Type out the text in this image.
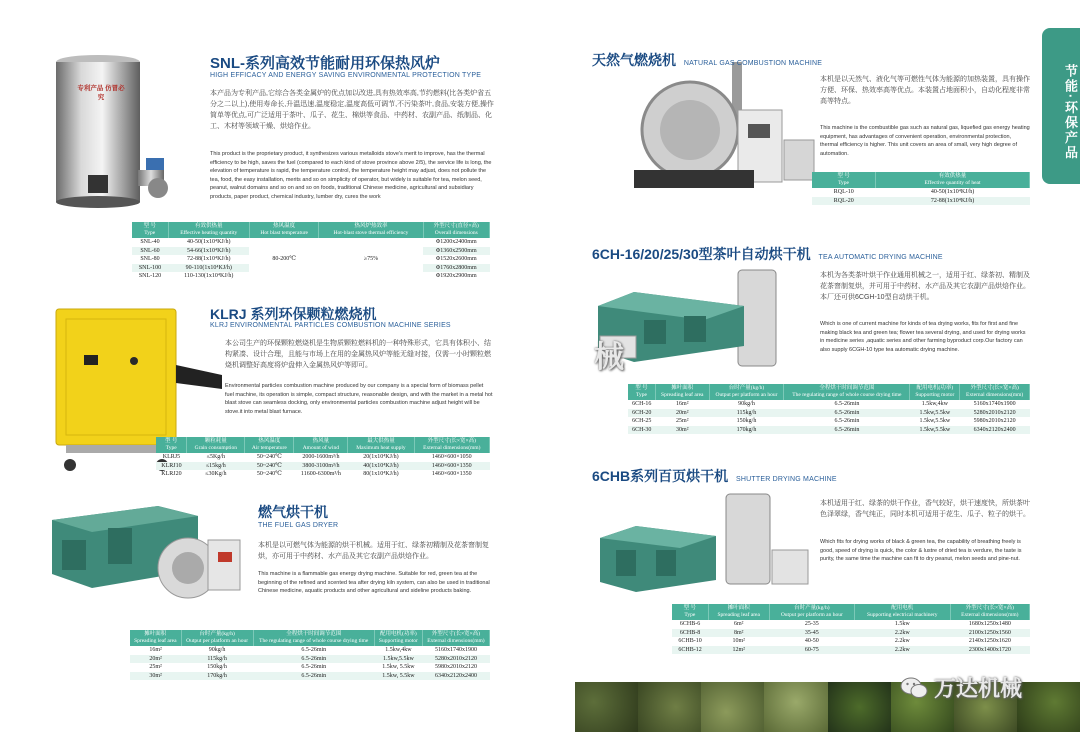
专利产品 仿冒必究
SNL-系列高效节能耐用环保热风炉
HIGH EFFICACY AND ENERGY SAVING ENVIRONMENTAL PROTECTION TYPE
本产品为专利产品,它综合各类金属炉的优点加以改进,具有热效率高,节约燃料(比各类炉省五分之二以上),使用寿命长,升温迅速,温度稳定,温度高低可调节,不污染茶叶,食品,安装方便,操作简单等优点,可广泛适用于茶叶、瓜子、花生、棉烘等食品、中药材、农副产品、纸制品、化工、木材等领域干燥、烘焙作业。
This product is the proprietary product, it synthesizes various metalloids stove's merit to improve, has the thermal efficiency to be high, saves the fuel (compared to each kind of stove province above 2/5), the service life is long, the elevation of temperature is rapid, the temperature control, the temperature height may adjust, does not pollute the tea, food, the easy installation, merits and so on simplicity of operator, but widely is suitable for tea, melon seed, peanut, walnut domains and so on and so on foods, traditional Chinese medicine, agricultural and subsidiary products, paper product, chemical industry, lumber dry, cures the work
型 号
Type	有效供热量
Effective heating quantity	热风温度
Hot blast temperature	热风炉热效率
Hot-blast stove thermal efficiency	外型尺寸(直径×高)
Overall dimensions
SNL-40	40-50(1x10⁴KJ/h)	80-200℃	≥75%	Φ1200x2400mm
SNL-60	54-66(1x10⁴KJ/h)			Φ1360x2500mm
SNL-80	72-88(1x10⁴KJ/h)			Φ1520x2600mm
SNL-100	90-110(1x10⁴KJ/h)			Φ1760x2800mm
SNL-120	110-130(1x10⁴KJ/h)			Φ1920x2900mm
KLRJ 系列环保颗粒燃烧机
KLRJ ENVIRONMENTAL PARTICLES COMBUSTION MACHINE SERIES
本公司生产的环保颗粒燃烧机是生物质颗粒燃料机的一种特殊形式，它具有体积小、结构紧凑、设计合理，且能与市场上在用的金属热风炉等能无缝对接，仅需一小时颗粒燃烧机调整好高度将炉盘伸入金属热风炉等即可。
Environmental particles combustion machine produced by our company is a special form of biomass pellet fuel machine, its operation is simple, compact structure, reasonable design, and with the market in a metal hot blast stove can seamless docking, only environmental particles combustion machine adjust height will be stove.it into metal blast furnace.
型 号
Type	颗粒耗量
Grain consumption	热风温度
Air temperature	热风量
Amount of wind	最大供热量
Maximum heat supply	外型尺寸(长×宽×高)
External dimensions(mm)
KLRJ5	≤5Kg/h	50~240℃	2000-1600m³/h	20(1x10⁴KJ/h)	1460×600×1050
KLRJ10	≤15kg/h	50~240℃	3800-3100m³/h	40(1x10⁴KJ/h)	1460×600×1350
KLRJ20	≤30Kg/h	50~240℃	11600-6300m³/h	80(1x10⁴KJ/h)	1460×600×1350
燃气烘干机
THE FUEL GAS DRYER
本机是以可燃气体为能源的烘干机械。适用于红、绿茶初精制及花茶窨制复烘，亦可用于中药材、水产品及其它农副产品烘焙作业。
This machine is a flammable gas energy drying machine. Suitable for red, green tea at the beginning of the refined and scented tea after drying kiln system, can also be used in traditional Chinese medicine, aquatic products and other agricultural and sideline products baking.
摊叶面积
Spreading leaf area	台时产量(kg/h)
Output per platform an hour	全程烘干时间调节范围
The regulating range of whole course drying time	配用电机(功率)
Supporting motor	外型尺寸(长×宽×高)
External dimensions(mm)
16m²	90kg/h	6.5-26min	1.5kw,4kw	5160x1740x1900
20m²	115kg/h	6.5-26min	1.5kw,5.5kw	5280x2010x2120
25m²	150kg/h	6.5-26min	1.5kw, 5.5kw	5980x2010x2120
30m²	170kg/h	6.5-26min	1.5kw, 5.5kw	6340x2120x2400
天然气燃烧机 NATURAL GAS COMBUSTION MACHINE
本机是以天然气、液化气等可燃性气体为能源的加热装置，具有操作方便、环保、热效率高等优点。本装置占地面积小，自动化程度非常高等特点。
This machine is the combustible gas such as natural gas, liquefied gas energy heating equipment, has advantages of convenient operation, environmental protection, thermal efficiency is higher. This unit covers an area of small, very high degree of automation.
型 号
Type	有效供热量
Effective quantity of heat
RQL-10	40-50(1x10⁴KJ/h)
RQL-20	72-88(1x10⁴KJ/h)
6CH-16/20/25/30型茶叶自动烘干机 TEA AUTOMATIC DRYING MACHINE
械
本机为各类茶叶烘干作业通用机械之一，适用于红、绿茶初、精制及花茶窨制复烘，并可用于中药材、水产品及其它农副产品烘焙作业。本厂还可供6CGH-10型自动烘干机。
Which is one of current machine for kinds of tea drying works, fits for first and fine making black tea and green tea; flower tea several drying, and used for drying works in medicine series ,aquatic series and other farming byproduct corp.Our factory can also supply 6CGH-10 type tea automatic drying machine.
型 号
Type	摊叶面积
Spreading leaf area	台时产量(kg/h)
Output per platform an hour	全程烘干时间调节范围
The regulating range of whole course drying time	配用电机(功率)
Supporting motor	外型尺寸(长×宽×高)
External dimensions(mm)
6CH-16	16m²	90kg/h	6.5-26min	1.5kw,4kw	5160x1740x1900
6CH-20	20m²	115kg/h	6.5-26min	1.5kw,5.5kw	5280x2010x2120
6CH-25	25m²	150kg/h	6.5-26min	1.5kw,5.5kw	5980x2010x2120
6CH-30	30m²	170kg/h	6.5-26min	1.5kw,5.5kw	6340x2120x2400
6CHB系列百页烘干机 SHUTTER DRYING MACHINE
本机适用于红、绿茶的烘干作业，香气较好，烘干速度快，所烘茶叶色泽翠绿，香气纯正，同时本机可适用于花生、瓜子、粒子的烘干。
Which fits for drying works of black & green tea, the capability of breathing freely is good, speed of drying is quick, the color & lustre of dried tea is verdure, the taste is purity, the same time the machine can fit to dry peanut, melon seeds and pine-nut.
型 号
Type	摊叶面积
Spreading leaf area	台时产量(kg/h)
Output per platform an hour	配用电机
Supporting electrical machinery	外型尺寸(长×宽×高)
External dimensions(mm)
6CHB-6	6m²	25-35	1.5kw	1680x1250x1480
6CHB-8	8m²	35-45	2.2kw	2100x1250x1560
6CHB-10	10m²	40-50	2.2kw	2140x1250x1620
6CHB-12	12m²	60-75	2.2kw	2300x1400x1720
节能·环保产品
万达机械
